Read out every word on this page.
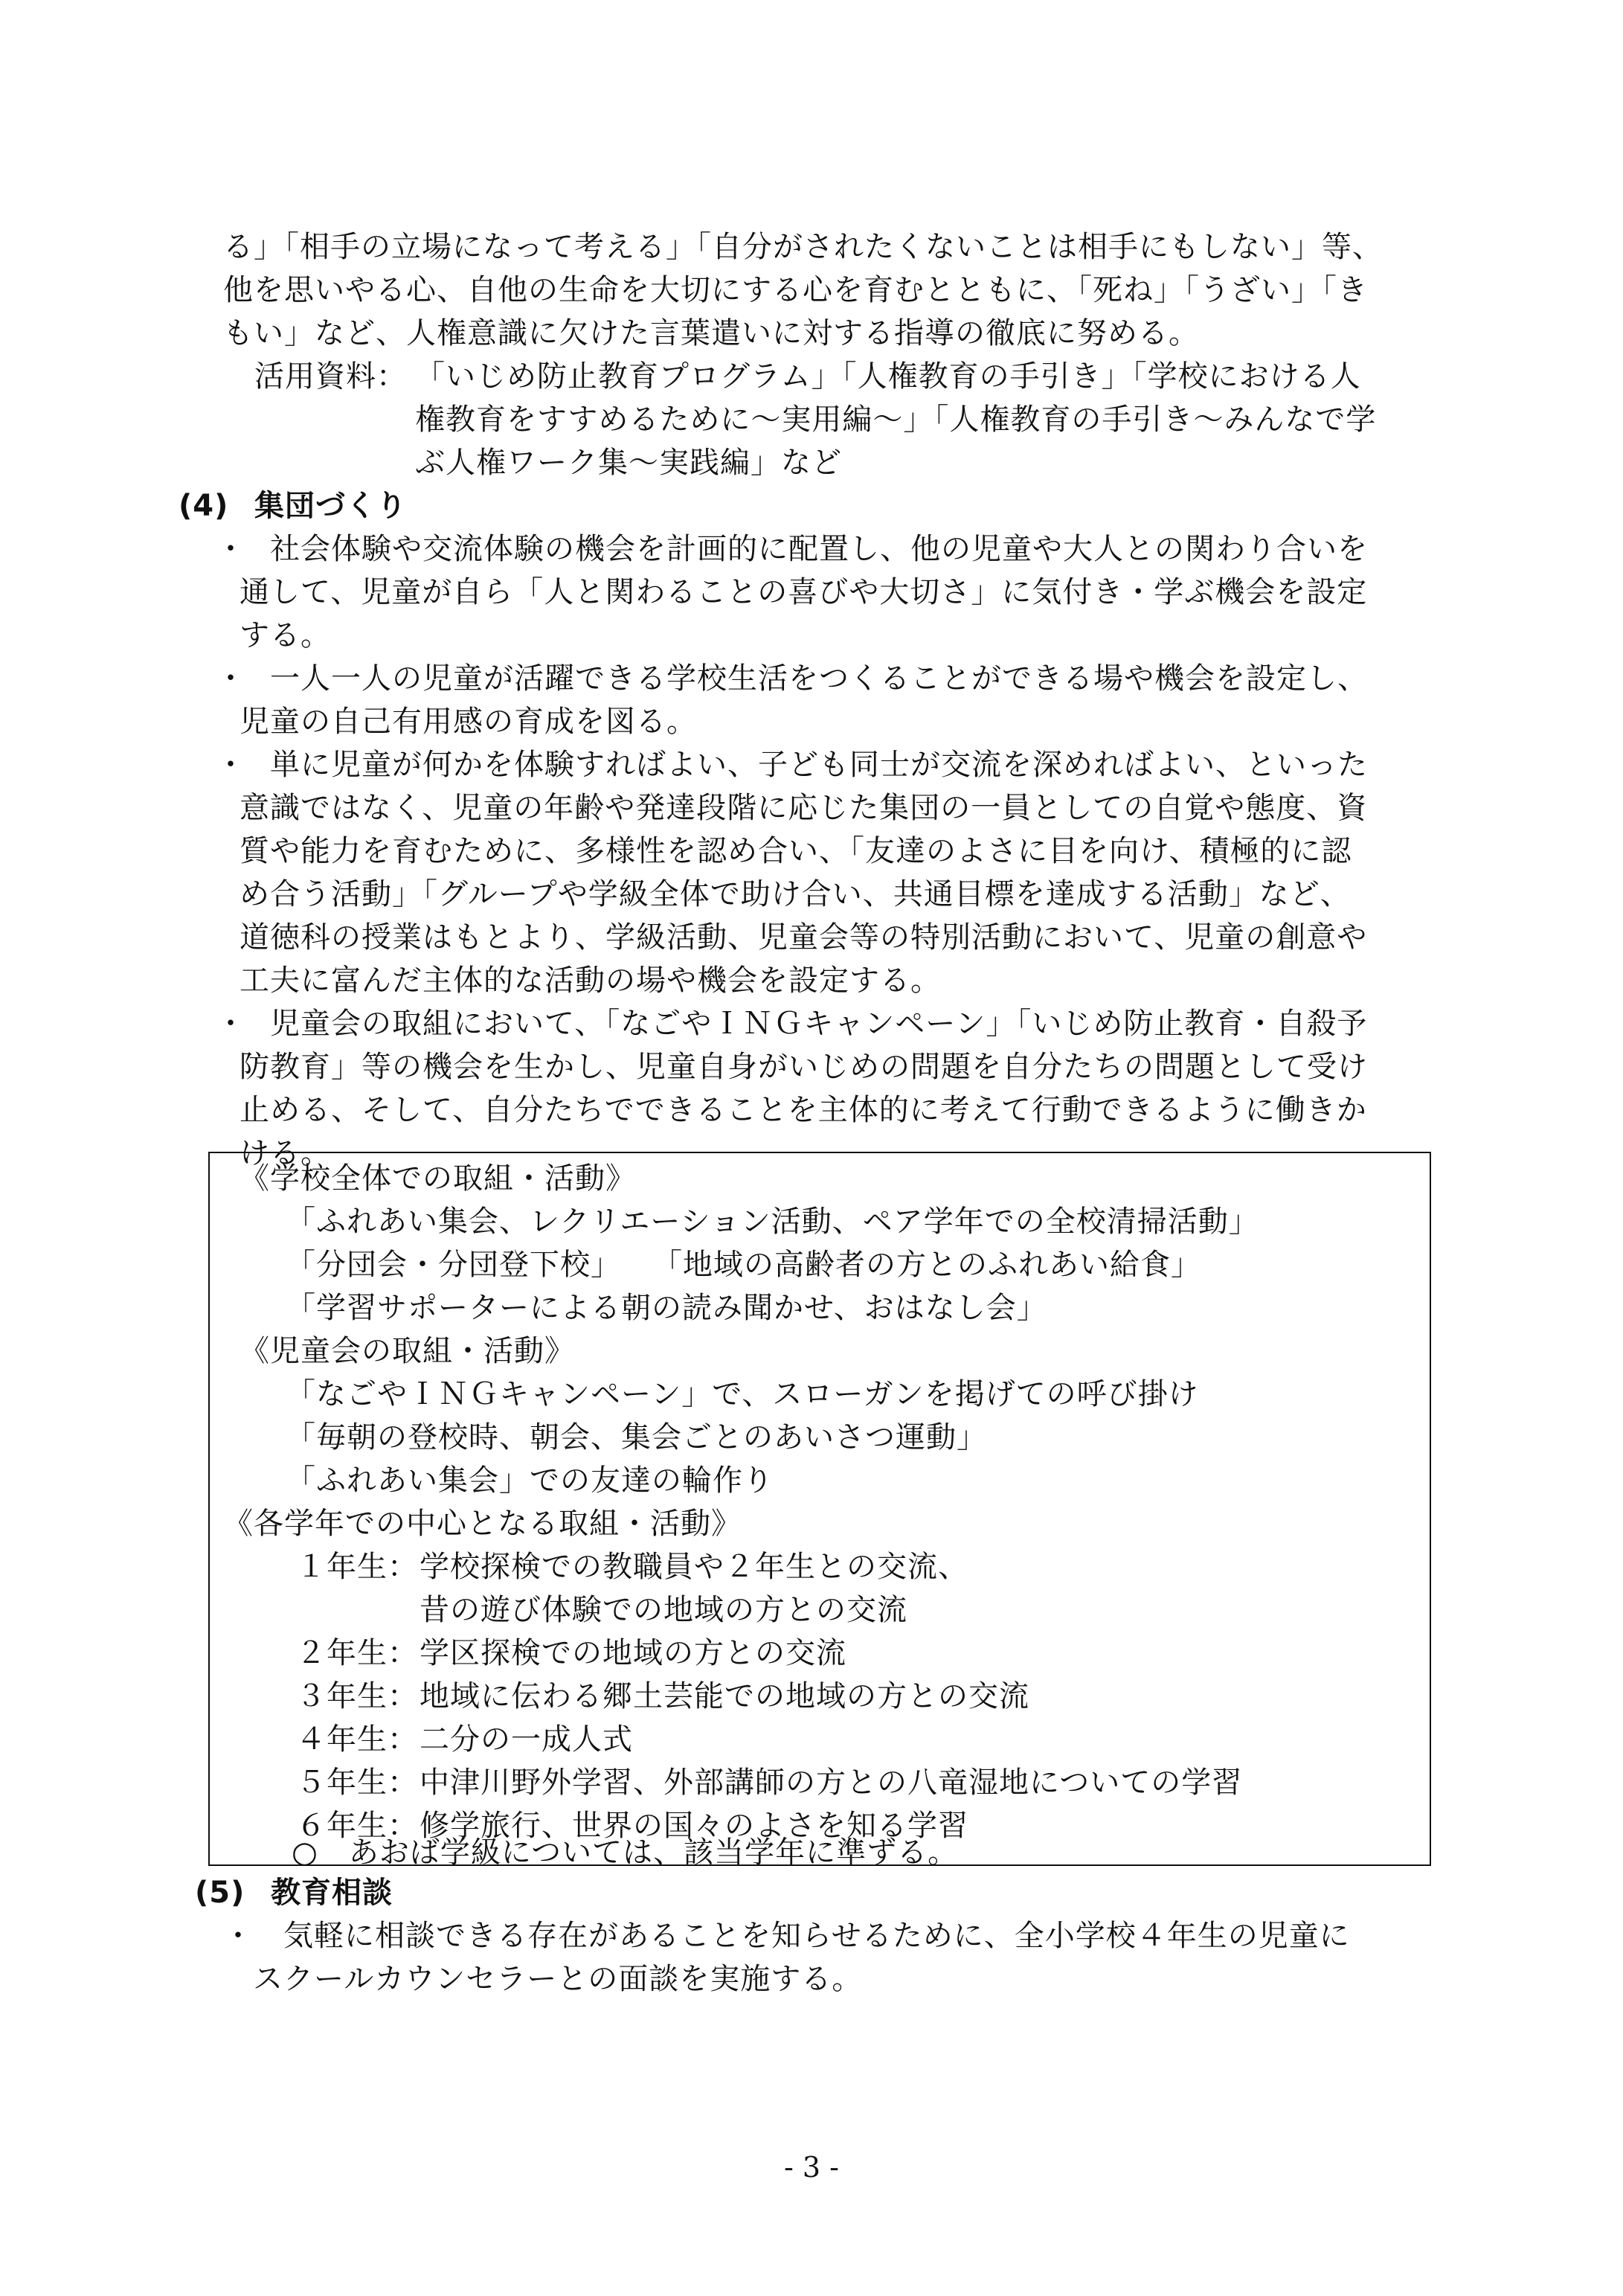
る」「相手の立場になって考える」「自分がされたくないことは相手にもしない」等、
他を思いやる心、自他の生命を大切にする心を育むとともに、「死ね」「うざい」「き
もい」など、人権意識に欠けた言葉遣いに対する指導の徹底に努める。
活用資料： 「いじめ防止教育プログラム」「人権教育の手引き」「学校における人
権教育をすすめるために〜実用編〜」「人権教育の手引き〜みんなで学
ぶ人権ワーク集〜実践編」など
(4) 集団づくり
・
　社会体験や交流体験の機会を計画的に配置し、他の児童や大人との関わり合いを
通して、児童が自ら「人と関わることの喜びや大切さ」に気付き・学ぶ機会を設定
する。
・
　一人一人の児童が活躍できる学校生活をつくることができる場や機会を設定し、
児童の自己有用感の育成を図る。
・
　単に児童が何かを体験すればよい、子ども同士が交流を深めればよい、といった
意識ではなく、児童の年齢や発達段階に応じた集団の一員としての自覚や態度、資
質や能力を育むために、多様性を認め合い、「友達のよさに目を向け、積極的に認
め合う活動」「グループや学級全体で助け合い、共通目標を達成する活動」など、
道徳科の授業はもとより、学級活動、児童会等の特別活動において、児童の創意や
工夫に富んだ主体的な活動の場や機会を設定する。
・
　児童会の取組において、「なごやＩＮＧキャンペーン」「いじめ防止教育・自殺予
防教育」等の機会を生かし、児童自身がいじめの問題を自分たちの問題として受け
止める、そして、自分たちでできることを主体的に考えて行動できるように働きか
ける。
《学校全体での取組・活動》
「ふれあい集会、レクリエーション活動、ペア学年での全校清掃活動」
「分団会・分団登下校」　　「地域の高齢者の方とのふれあい給食」
「学習サポーターによる朝の読み聞かせ、おはなし会」
《児童会の取組・活動》
「なごやＩＮＧキャンペーン」で、スローガンを掲げての呼び掛け
「毎朝の登校時、朝会、集会ごとのあいさつ運動」
「ふれあい集会」での友達の輪作り
《各学年での中心となる取組・活動》
１年生： 学校探検での教職員や２年生との交流、
昔の遊び体験での地域の方との交流
２年生： 学区探検での地域の方との交流
３年生： 地域に伝わる郷土芸能での地域の方との交流
４年生： 二分の一成人式
５年生： 中津川野外学習、外部講師の方との八竜湿地についての学習
６年生： 修学旅行、世界の国々のよさを知る学習
○　あおば学級については、該当学年に準ずる。
(5) 教育相談
・ 　気軽に相談できる存在があることを知らせるために、全小学校４年生の児童に
スクールカウンセラーとの面談を実施する。
- 3 -
